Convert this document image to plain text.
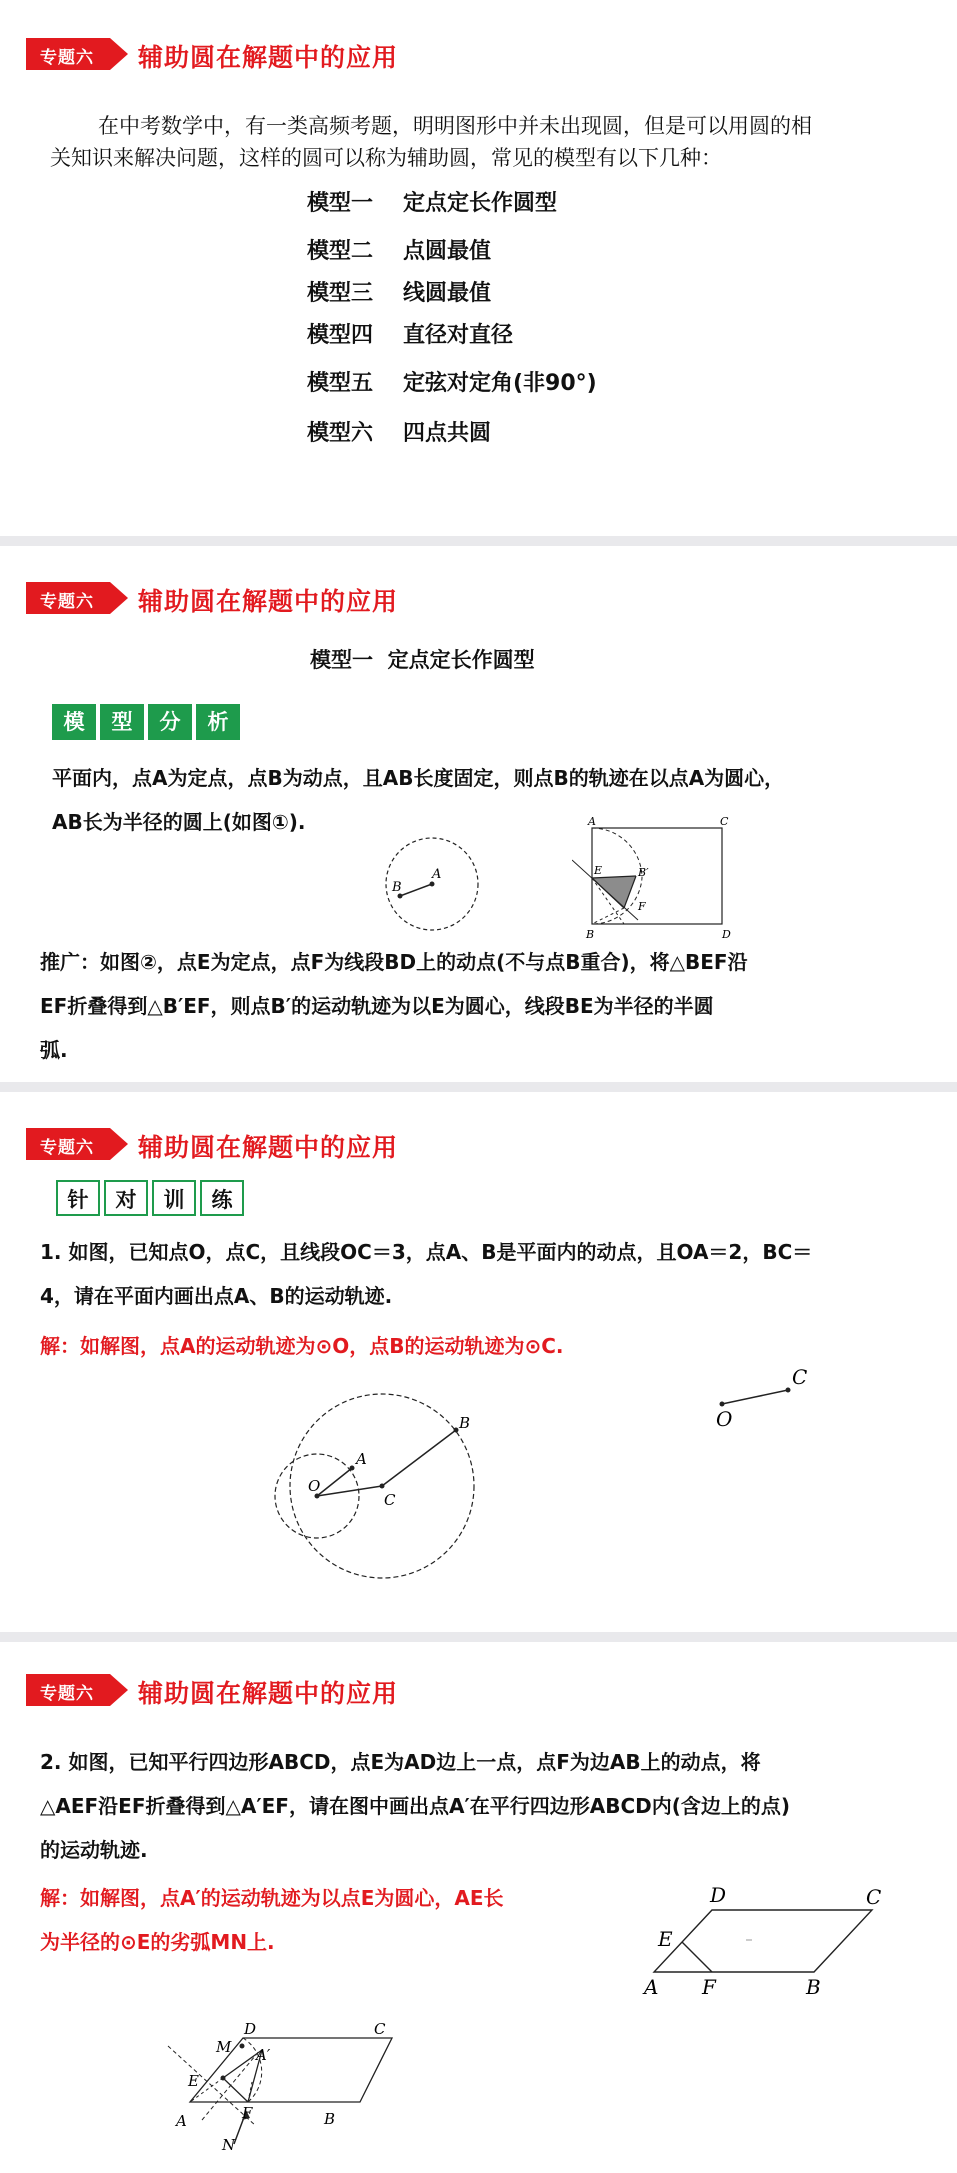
专题六 辅助圆在解题中的应用
在中考数学中，有一类高频考题，明明图形中并未出现圆，但是可以用圆的相
关知识来解决问题，这样的圆可以称为辅助圆，常见的模型有以下几种：
模型一 定点定长作圆型
模型二 点圆最值
模型三 线圆最值
模型四 直径对直径
模型五 定弦对定角(非90°)
模型六 四点共圆
专题六 辅助圆在解题中的应用
模型一  定点定长作圆型
模	型	分	析
平面内，点A为定点，点B为动点，且AB长度固定，则点B的轨迹在以点A为圆心，
AB长为半径的圆上(如图①).
A
B
A	C
E	B′
F
B	D
推广：如图②，点E为定点，点F为线段BD上的动点(不与点B重合)，将△BEF沿
EF折叠得到△B′EF，则点B′的运动轨迹为以E为圆心，线段BE为半径的半圆
弧.
专题六 辅助圆在解题中的应用
针	对	训	练
1. 如图，已知点O，点C，且线段OC＝3，点A、B是平面内的动点，且OA＝2，BC＝
4，请在平面内画出点A、B的运动轨迹.
解：如解图，点A的运动轨迹为⊙O，点B的运动轨迹为⊙C.
O
A
C
B	O
C
专题六 辅助圆在解题中的应用
2. 如图，已知平行四边形ABCD，点E为AD边上一点，点F为边AB上的动点，将
△AEF沿EF折叠得到△A′EF，请在图中画出点A′在平行四边形ABCD内(含边上的点)
的运动轨迹.
解：如解图，点A′的运动轨迹为以点E为圆心，AE长
为半径的⊙E的劣弧MN上.
D	C
M A′
E
A	F	B
N
D	C
E
A F	B
